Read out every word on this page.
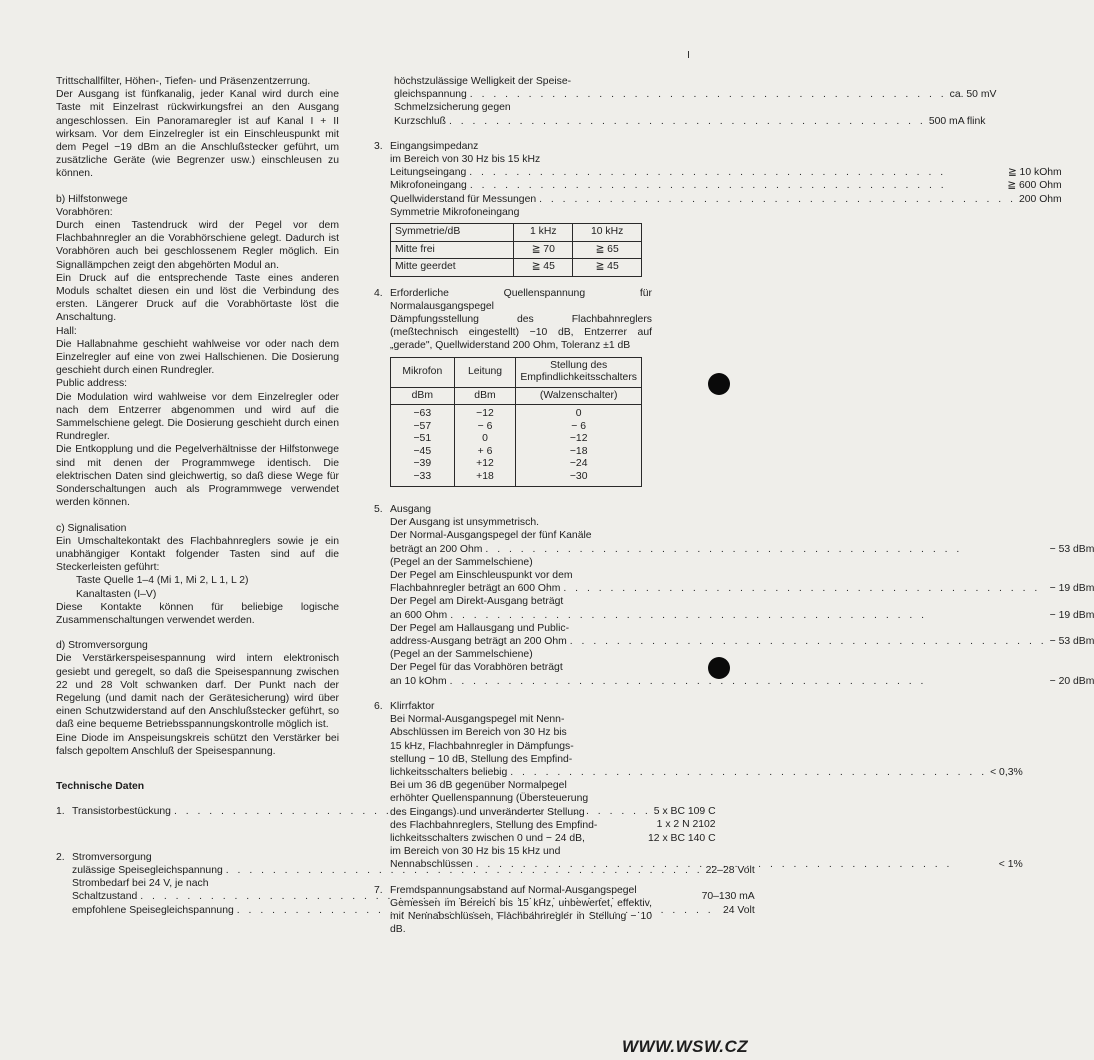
Trittschallfilter, Höhen-, Tiefen- und Präsenzentzerrung.

Der Ausgang ist fünfkanalig, jeder Kanal wird durch eine Taste mit Einzelrast rückwirkungsfrei an den Ausgang angeschlossen. Ein Panoramaregler ist auf Kanal I + II wirksam. Vor dem Einzelregler ist ein Einschleuspunkt mit dem Pegel −19 dBm an die Anschlußstecker geführt, um zusätzliche Geräte (wie Begrenzer usw.) einschleusen zu können.

b) Hilfstonwege

Vorabhören:

Durch einen Tastendruck wird der Pegel vor dem Flachbahnregler an die Vorabhörschiene gelegt. Dadurch ist Vorabhören auch bei geschlossenem Regler möglich. Ein Signallämpchen zeigt den abgehörten Modul an.

Ein Druck auf die entsprechende Taste eines anderen Moduls schaltet diesen ein und löst die Verbindung des ersten. Längerer Druck auf die Vorabhörtaste löst die Anschaltung.

Hall:

Die Hallabnahme geschieht wahlweise vor oder nach dem Einzelregler auf eine von zwei Hallschienen. Die Dosierung geschieht durch einen Rundregler.

Public address:

Die Modulation wird wahlweise vor dem Einzelregler oder nach dem Entzerrer abgenommen und wird auf die Sammelschiene gelegt. Die Dosierung geschieht durch einen Rundregler.

Die Entkopplung und die Pegelverhältnisse der Hilfstonwege sind mit denen der Programmwege identisch. Die elektrischen Daten sind gleichwertig, so daß diese Wege für Sonderschaltungen auch als Programmwege verwendet werden können.

c) Signalisation

Ein Umschaltekontakt des Flachbahnreglers sowie je ein unabhängiger Kontakt folgender Tasten sind auf die Steckerleisten geführt:

Taste Quelle 1–4 (Mi 1, Mi 2, L 1, L 2)

Kanaltasten (I–V)

Diese Kontakte können für beliebige logische Zusammenschaltungen verwendet werden.

d) Stromversorgung

Die Verstärkerspeisespannung wird intern elektronisch gesiebt und geregelt, so daß die Speisespannung zwischen 22 und 28 Volt schwanken darf. Der Punkt nach der Regelung (und damit nach der Gerätesicherung) wird über einen Schutzwiderstand auf den Anschlußstecker geführt, so daß eine bequeme Betriebsspannungskontrolle möglich ist.

Eine Diode im Anspeisungskreis schützt den Verstärker bei falsch gepoltem Anschluß der Speisespannung.

Technische Daten

1. Transistorbestückung . . .	5 x BC 109 C
1 x 2 N 2102
12 x BC 140 C
2. Stromversorgung
zulässige Speisegleichspannung . . .	22–28 Volt
Strombedarf bei 24 V, je nach
Schaltzustand . . .	70–130 mA
empfohlene Speisegleichspannung . . .	24 Volt
höchstzulässige Welligkeit der Speise-
gleichspannung . . .	ca. 50 mV
Schmelzsicherung gegen
Kurzschluß . . .	500 mA flink
3. Eingangsimpedanz
im Bereich von 30 Hz bis 15 kHz
Leitungseingang . . .	≧ 10 kOhm
Mikrofoneingang . . .	≧ 600 Ohm
Quellwiderstand für Messungen . . .	200 Ohm
Symmetrie Mikrofoneingang
Symmetrie/dB	1 kHz	10 kHz
Mitte frei	≧ 70	≧ 65
Mitte geerdet	≧ 45	≧ 45
4. Erforderliche Quellenspannung für Normalausgangspegel
Dämpfungsstellung des Flachbahnreglers (meßtechnisch eingestellt) −10 dB, Entzerrer auf „gerade", Quellwiderstand 200 Ohm, Toleranz ±1 dB
Mikrofon	Leitung	Stellung des Empfindlichkeitsschalters
dBm	dBm	(Walzenschalter)
−63	−12	0
−57	− 6	− 6
−51	0	−12
−45	+ 6	−18
−39	+12	−24
−33	+18	−30
5. Ausgang
Der Ausgang ist unsymmetrisch.
Der Normal-Ausgangspegel der fünf Kanäle
beträgt an 200 Ohm . . .	− 53 dBm
(Pegel an der Sammelschiene)
Der Pegel am Einschleuspunkt vor dem
Flachbahnregler beträgt an 600 Ohm . . .	− 19 dBm
Der Pegel am Direkt-Ausgang beträgt
an 600 Ohm . . .	− 19 dBm
Der Pegel am Hallausgang und Public-
address-Ausgang beträgt an 200 Ohm . . .	− 53 dBm
(Pegel an der Sammelschiene)
Der Pegel für das Vorabhören beträgt
an 10 kOhm . . .	− 20 dBm
6. Klirrfaktor
Bei Normal-Ausgangspegel mit Nenn-
Abschlüssen im Bereich von 30 Hz bis
15 kHz, Flachbahnregler in Dämpfungs-
stellung − 10 dB, Stellung des Empfind-
lichkeitsschalters beliebig . . .	< 0,3%
Bei um 36 dB gegenüber Normalpegel
erhöhter Quellenspannung (Übersteuerung
des Eingangs) und unveränderter Stellung
des Flachbahnreglers, Stellung des Empfind-
lichkeitsschalters zwischen 0 und − 24 dB,
im Bereich von 30 Hz bis 15 kHz und
Nennabschlüssen . . .	< 1%
7. Fremdspannungsabstand auf Normal-Ausgangspegel
Gemessen im Bereich bis 15 kHz, unbewertet, effektiv, mit Nennabschlüssen, Flachbahnregler in Stellung − 10 dB.
WWW.WSW.CZ
